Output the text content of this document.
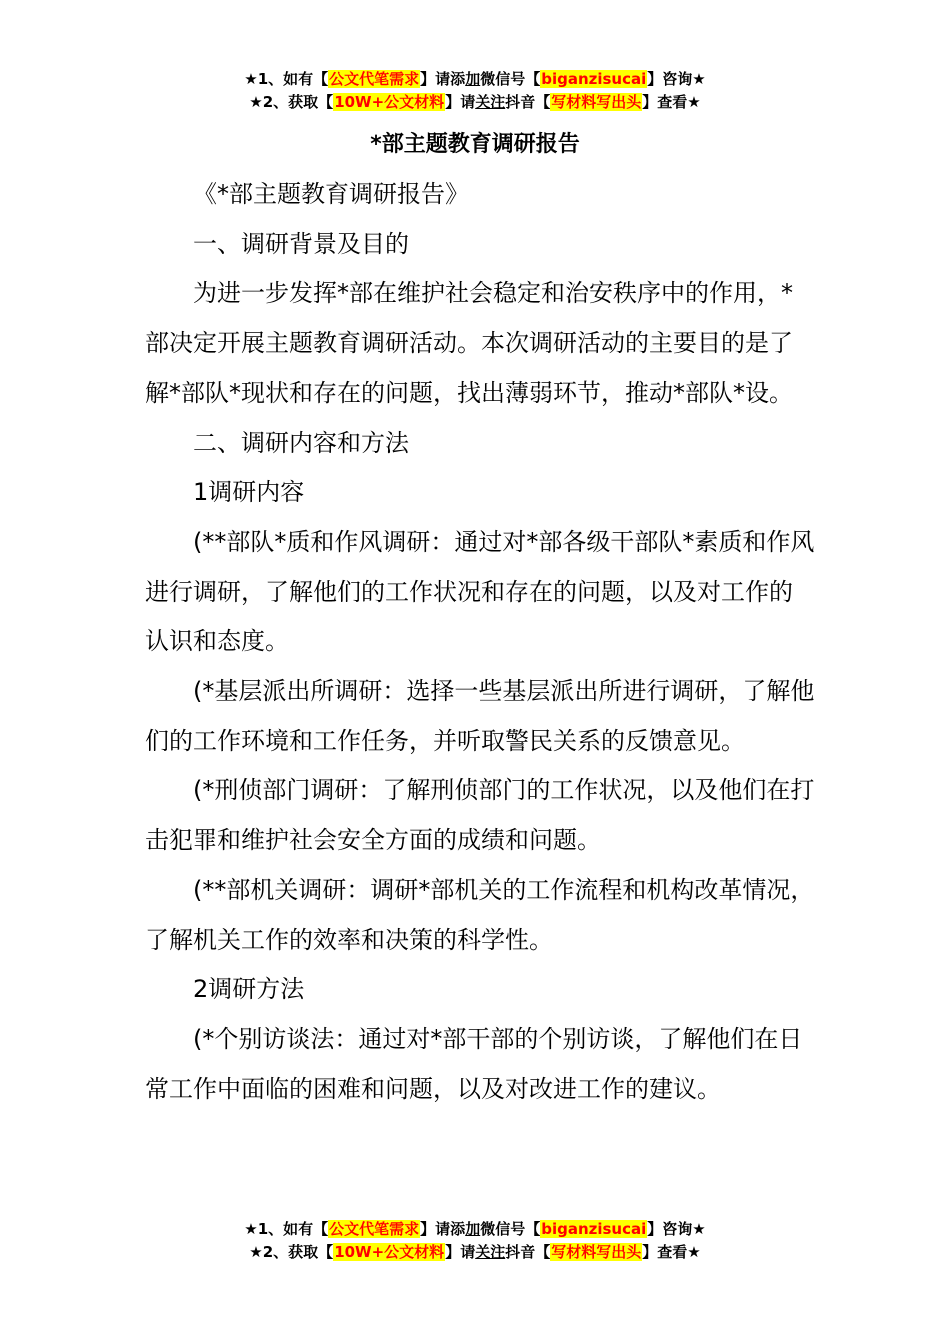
★1、如有【公文代笔需求】请添加微信号【biganzisucai】咨询★
★2、获取【10W+公文材料】请关注抖音【写材料写出头】查看★
*部主题教育调研报告

《*部主题教育调研报告》

一、调研背景及目的

为进一步发挥*部在维护社会稳定和治安秩序中的作用，*部决定开展主题教育调研活动。本次调研活动的主要目的是了解*部队*现状和存在的问题，找出薄弱环节，推动*部队*设。

二、调研内容和方法

1调研内容

(**部队*质和作风调研：通过对*部各级干部队*素质和作风进行调研，了解他们的工作状况和存在的问题，以及对工作的认识和态度。

(*基层派出所调研：选择一些基层派出所进行调研，了解他们的工作环境和工作任务，并听取警民关系的反馈意见。

(*刑侦部门调研：了解刑侦部门的工作状况，以及他们在打击犯罪和维护社会安全方面的成绩和问题。

(**部机关调研：调研*部机关的工作流程和机构改革情况，了解机关工作的效率和决策的科学性。

2调研方法

(*个别访谈法：通过对*部干部的个别访谈，了解他们在日常工作中面临的困难和问题，以及对改进工作的建议。

★1、如有【公文代笔需求】请添加微信号【biganzisucai】咨询★
★2、获取【10W+公文材料】请关注抖音【写材料写出头】查看★
